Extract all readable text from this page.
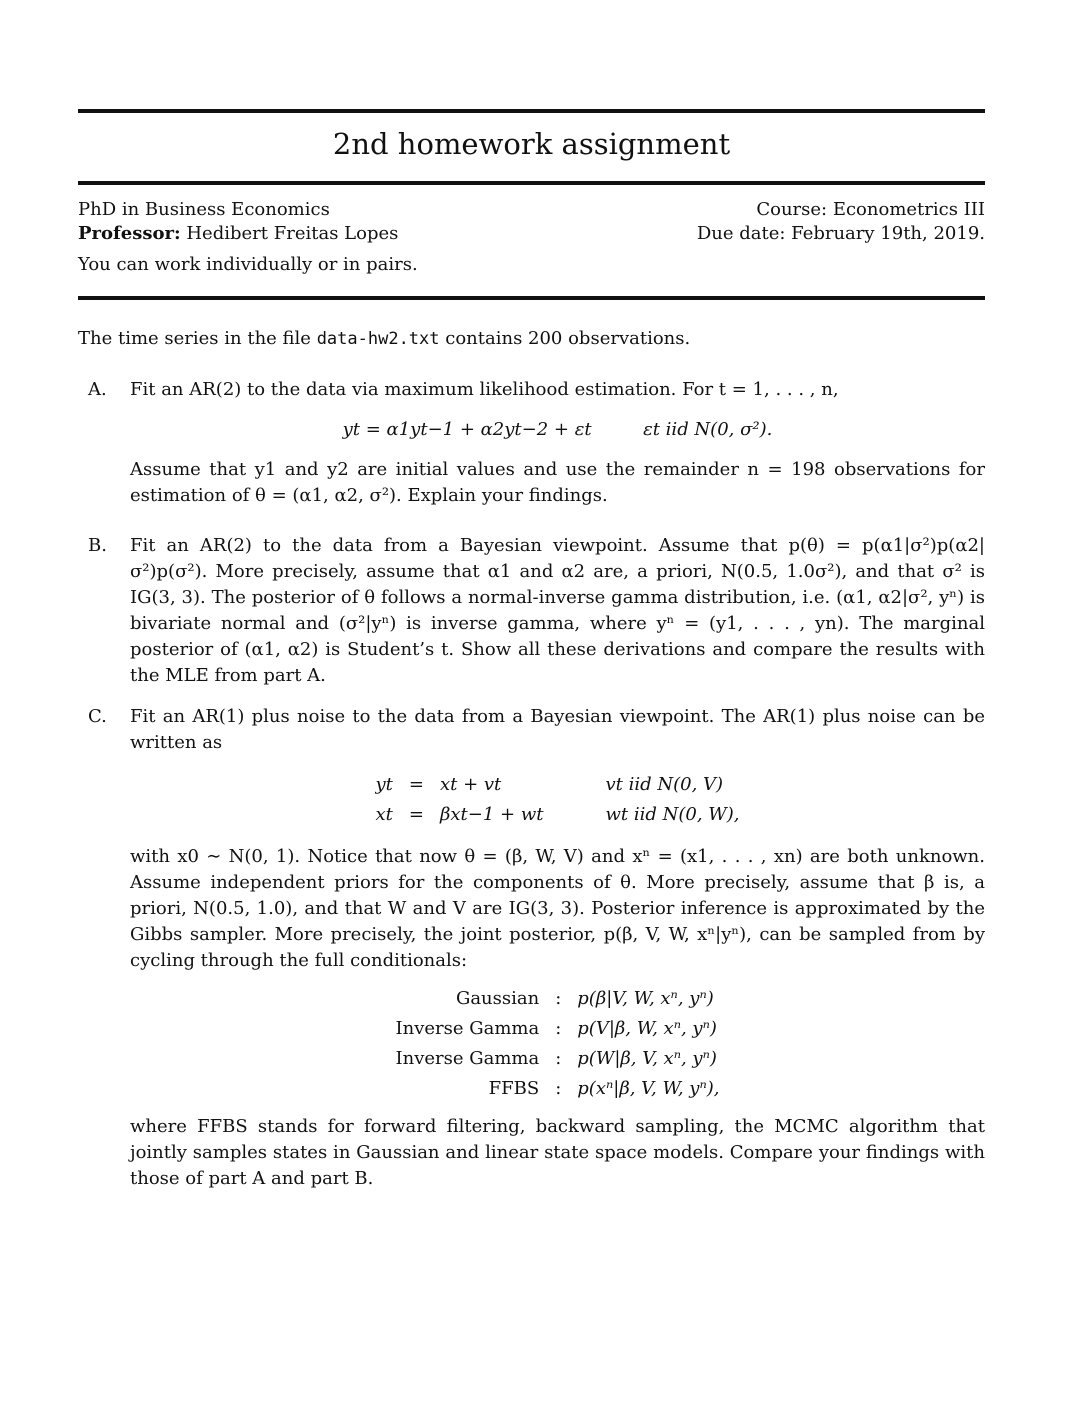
2nd homework assignment
PhD in Business Economics	Course: Econometrics III
Professor: Hedibert Freitas Lopes	Due date: February 19th, 2019.
You can work individually or in pairs.
The time series in the file data-hw2.txt contains 200 observations.
A. Fit an AR(2) to the data via maximum likelihood estimation. For t = 1, . . . , n,
yt = α1yt−1 + α2yt−2 + εt	εt iid N(0, σ²).
Assume that y1 and y2 are initial values and use the remainder n = 198 observations for estimation of θ = (α1, α2, σ²). Explain your findings.
B. Fit an AR(2) to the data from a Bayesian viewpoint. Assume that p(θ) = p(α1|σ²)p(α2|σ²)p(σ²). More precisely, assume that α1 and α2 are, a priori, N(0.5, 1.0σ²), and that σ² is IG(3, 3). The posterior of θ follows a normal-inverse gamma distribution, i.e. (α1, α2|σ², yⁿ) is bivariate normal and (σ²|yⁿ) is inverse gamma, where yⁿ = (y1, . . . , yn). The marginal posterior of (α1, α2) is Student’s t. Show all these derivations and compare the results with the MLE from part A.
C. Fit an AR(1) plus noise to the data from a Bayesian viewpoint. The AR(1) plus noise can be written as
yt	=	xt + vt		vt iid N(0, V)
xt	=	βxt−1 + wt		wt iid N(0, W),
with x0 ∼ N(0, 1). Notice that now θ = (β, W, V) and xⁿ = (x1, . . . , xn) are both unknown. Assume independent priors for the components of θ. More precisely, assume that β is, a priori, N(0.5, 1.0), and that W and V are IG(3, 3). Posterior inference is approximated by the Gibbs sampler. More precisely, the joint posterior, p(β, V, W, xⁿ|yⁿ), can be sampled from by cycling through the full conditionals:
Gaussian	:	p(β|V, W, xⁿ, yⁿ)
Inverse Gamma	:	p(V|β, W, xⁿ, yⁿ)
Inverse Gamma	:	p(W|β, V, xⁿ, yⁿ)
FFBS	:	p(xⁿ|β, V, W, yⁿ),
where FFBS stands for forward filtering, backward sampling, the MCMC algorithm that jointly samples states in Gaussian and linear state space models. Compare your findings with those of part A and part B.
